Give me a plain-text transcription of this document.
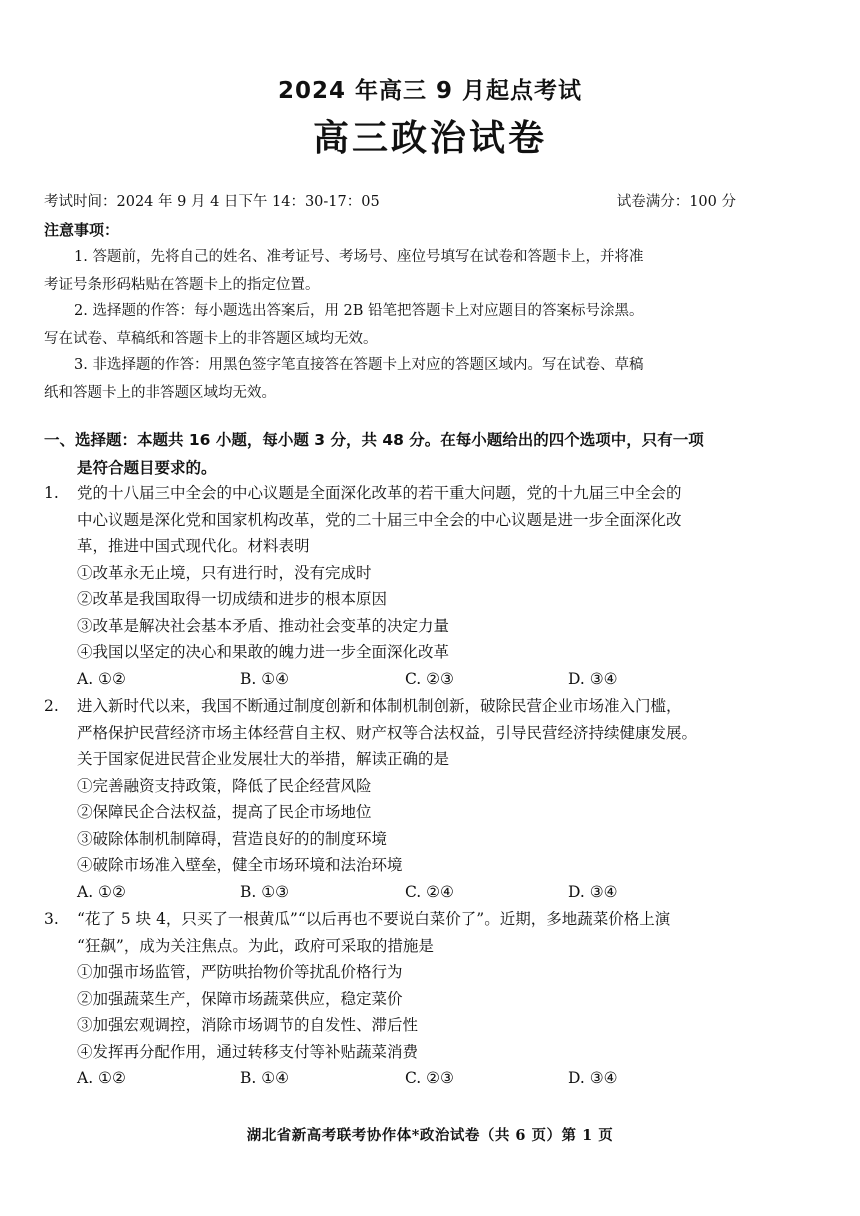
2024 年高三 9 月起点考试
高三政治试卷
考试时间：2024 年 9 月 4 日下午 14：30-17：05	试卷满分：100 分
注意事项：
1. 答题前，先将自己的姓名、准考证号、考场号、座位号填写在试卷和答题卡上，并将准
考证号条形码粘贴在答题卡上的指定位置。
2. 选择题的作答：每小题选出答案后，用 2B 铅笔把答题卡上对应题目的答案标号涂黑。
写在试卷、草稿纸和答题卡上的非答题区域均无效。
3. 非选择题的作答：用黑色签字笔直接答在答题卡上对应的答题区域内。写在试卷、草稿
纸和答题卡上的非答题区域均无效。
一、选择题：本题共 16 小题，每小题 3 分，共 48 分。在每小题给出的四个选项中，只有一项
是符合题目要求的。
1. 党的十八届三中全会的中心议题是全面深化改革的若干重大问题，党的十九届三中全会的
中心议题是深化党和国家机构改革，党的二十届三中全会的中心议题是进一步全面深化改
革，推进中国式现代化。材料表明
①改革永无止境，只有进行时，没有完成时
②改革是我国取得一切成绩和进步的根本原因
③改革是解决社会基本矛盾、推动社会变革的决定力量
④我国以坚定的决心和果敢的魄力进一步全面深化改革
A. ①②	B. ①④	C. ②③	D. ③④
2. 进入新时代以来，我国不断通过制度创新和体制机制创新，破除民营企业市场准入门槛，
严格保护民营经济市场主体经营自主权、财产权等合法权益，引导民营经济持续健康发展。
关于国家促进民营企业发展壮大的举措，解读正确的是
①完善融资支持政策，降低了民企经营风险
②保障民企合法权益，提高了民企市场地位
③破除体制机制障碍，营造良好的的制度环境
④破除市场准入壁垒，健全市场环境和法治环境
A. ①②	B. ①③	C. ②④	D. ③④
3. “花了 5 块 4，只买了一根黄瓜”“以后再也不要说白菜价了”。近期，多地蔬菜价格上演
“狂飙”，成为关注焦点。为此，政府可采取的措施是
①加强市场监管，严防哄抬物价等扰乱价格行为
②加强蔬菜生产，保障市场蔬菜供应，稳定菜价
③加强宏观调控，消除市场调节的自发性、滞后性
④发挥再分配作用，通过转移支付等补贴蔬菜消费
A. ①②	B. ①④	C. ②③	D. ③④
湖北省新高考联考协作体*政治试卷（共 6 页）第 1 页
